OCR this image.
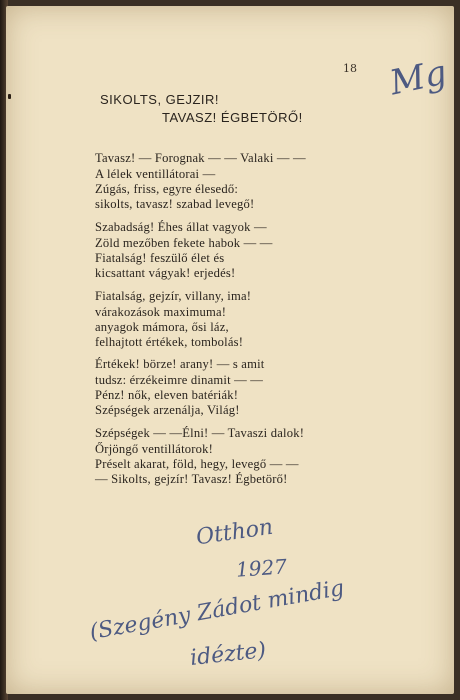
18

SIKOLTS, GEJZIR!

TAVASZ! ÉGBETÖRŐ!

Tavasz! — Forognak — — Valaki — —

A lélek ventillátorai —

Zúgás, friss, egyre élesedő:

sikolts, tavasz! szabad levegő!

Szabadság! Éhes állat vagyok —

Zöld mezőben fekete habok — —

Fiatalság! feszülő élet és

kicsattant vágyak! erjedés!

Fiatalság, gejzír, villany, ima!

várakozások maximuma!

anyagok mámora, ősi láz,

felhajtott értékek, tombolás!

Értékek! börze! arany! — s amit

tudsz: érzékeimre dinamit — —

Pénz! nők, eleven batériák!

Szépségek arzenálja, Világ!

Szépségek — —Élni! — Tavaszi dalok!

Őrjöngő ventillátorok!

Préselt akarat, föld, hegy, levegő — —

— Sikolts, gejzír! Tavasz! Égbetörő!

Mg
Otthon
1927
(Szegény Zádot mindig
idézte)
